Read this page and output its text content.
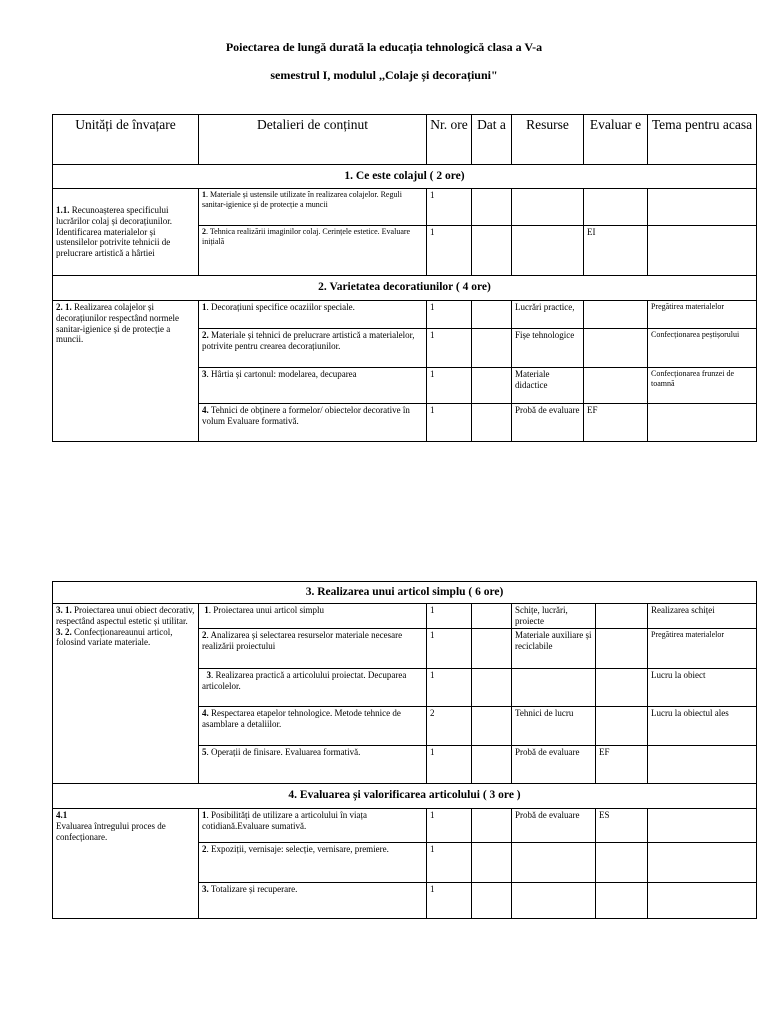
Poiectarea de lungă durată la educația tehnologică clasa a V-a
semestrul I, modulul ,,Colaje și decorațiuni"
Unități de învațare	Detalieri de conținut	Nr. ore	Dat a	Resurse	Evaluar e	Tema pentru acasa
1. Ce este colajul ( 2 ore)						
1.1. Recunoașterea specificului lucrărilor colaj și decorațiunilor. Identificarea materialelor și ustensilelor potrivite tehnicii de prelucrare artistică a hârtiei	1. Materiale și ustensile utilizate în realizarea colajelor. Reguli sanitar-igienice și de protecție a muncii	1				
	2. Tehnica realizării imaginilor colaj. Cerințele estetice. Evaluare inițială	1			EI	
2. Varietatea decoratiunilor ( 4 ore)						
2. 1. Realizarea colajelor și decorațiunilor respectând normele sanitar-igienice și de protecție a muncii.	1. Decorațiuni specifice ocaziilor speciale.	1		Lucrări practice,		Pregătirea materialelor
	2. Materiale și tehnici de prelucrare artistică a materialelor, potrivite pentru crearea decorațiunilor.	1		Fișe tehnologice		Confecționarea peștișorului
	3. Hârtia și cartonul: modelarea, decuparea	1		Materiale didactice		Confecționarea frunzei de toamnă
	4. Tehnici de obținere a formelor/ obiectelor decorative în volum Evaluare formativă.	1		Probă de evaluare	EF	
3. Realizarea unui articol simplu ( 6 ore)						
3. 1. Proiectarea unui obiect decorativ, respectând aspectul estetic și utilitar.
3. 2. Confecționareaunui articol, folosind variate materiale.	1. Proiectarea unui articol simplu	1		Schițe, lucrări, proiecte		Realizarea schiței
	2. Analizarea și selectarea resurselor materiale necesare realizării proiectului	1		Materiale auxiliare și reciclabile		Pregătirea materialelor
	3. Realizarea practică a articolului proiectat. Decuparea articolelor.	1				Lucru la obiect
	4. Respectarea etapelor tehnologice. Metode tehnice de asamblare a detaliilor.	2		Tehnici de lucru		Lucru la obiectul ales
	5. Operații de finisare. Evaluarea formativă.	1		Probă de evaluare	EF	
4. Evaluarea și valorificarea articolului ( 3 ore )						
4.1
Evaluarea întregului proces de confecționare.	1. Posibilități de utilizare a articolului în viața cotidiană.Evaluare sumativă.	1		Probă de evaluare	ES	
	2. Expoziții, vernisaje: selecție, vernisare, premiere.	1				
	3. Totalizare și recuperare.	1				
